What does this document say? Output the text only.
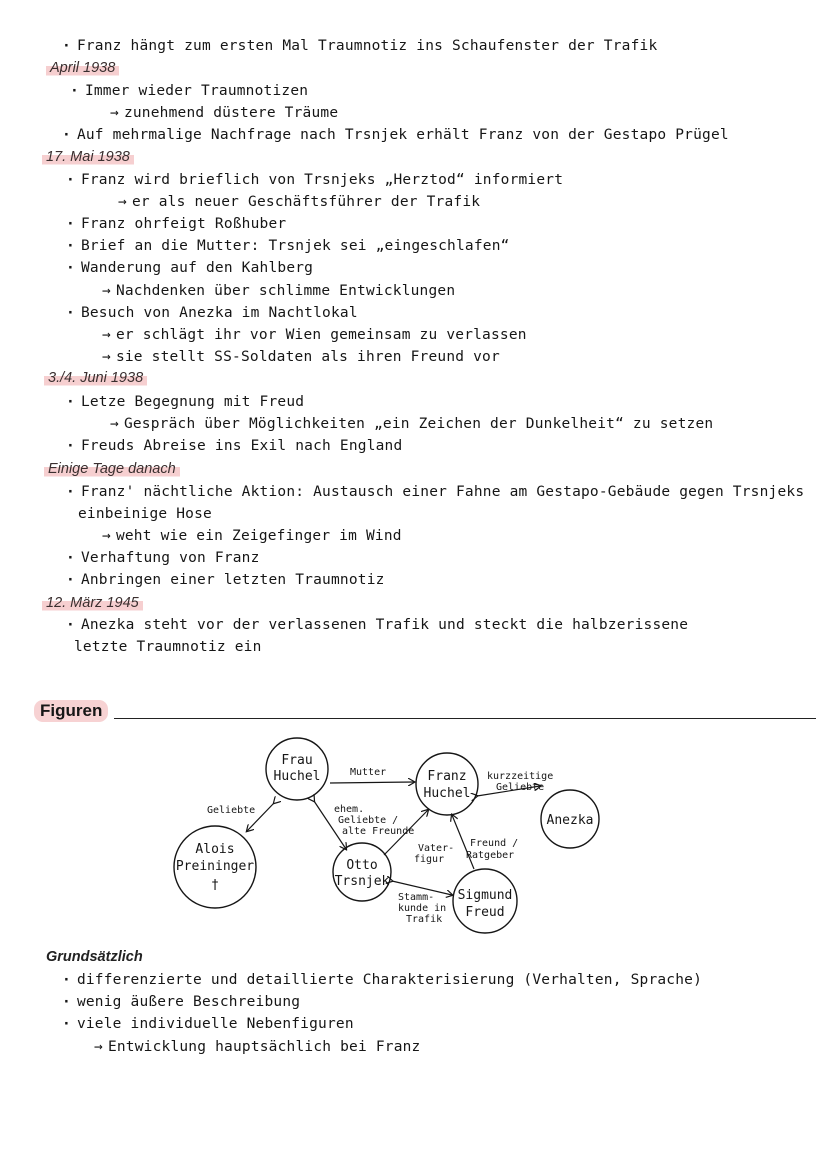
· Franz hängt zum ersten Mal Traumnotiz ins Schaufenster der Trafik
April 1938
· Immer wieder Traumnotizen
→ zunehmend düstere Träume
· Auf mehrmalige Nachfrage nach Trsnjek erhält Franz von der Gestapo Prügel
17. Mai 1938
· Franz wird brieflich von Trsnjeks „Herztod“ informiert
→ er als neuer Geschäftsführer der Trafik
· Franz ohrfeigt Roßhuber
· Brief an die Mutter: Trsnjek sei „eingeschlafen“
· Wanderung auf den Kahlberg
→ Nachdenken über schlimme Entwicklungen
· Besuch von Anezka im Nachtlokal
→ er schlägt ihr vor Wien gemeinsam zu verlassen
→ sie stellt SS-Soldaten als ihren Freund vor
3./4. Juni 1938
· Letze Begegnung mit Freud
→ Gespräch über Möglichkeiten „ein Zeichen der Dunkelheit“ zu setzen
· Freuds Abreise ins Exil nach England
Einige Tage danach
· Franz' nächtliche Aktion: Austausch einer Fahne am Gestapo-Gebäude gegen Trsnjeks
einbeinige Hose
→ weht wie ein Zeigefinger im Wind
· Verhaftung von Franz
· Anbringen einer letzten Traumnotiz
12. März 1945
· Anezka steht vor der verlassenen Trafik und steckt die halbzerissene
letzte Traumnotiz ein
Figuren
Frau
Huchel	Franz
Huchel
Anezka
Alois
Preininger
†
Otto
Trsnjek
Sigmund
Freud
Mutter	kurzzeitige
Geliebte
Geliebte	ehem.
Geliebte /
alte Freunde
Vater-
figur
Freund /
Ratgeber
Stamm-
kunde in
Trafik
Grundsätzlich
· differenzierte und detaillierte Charakterisierung (Verhalten, Sprache)
· wenig äußere Beschreibung
· viele individuelle Nebenfiguren
→ Entwicklung hauptsächlich bei Franz
